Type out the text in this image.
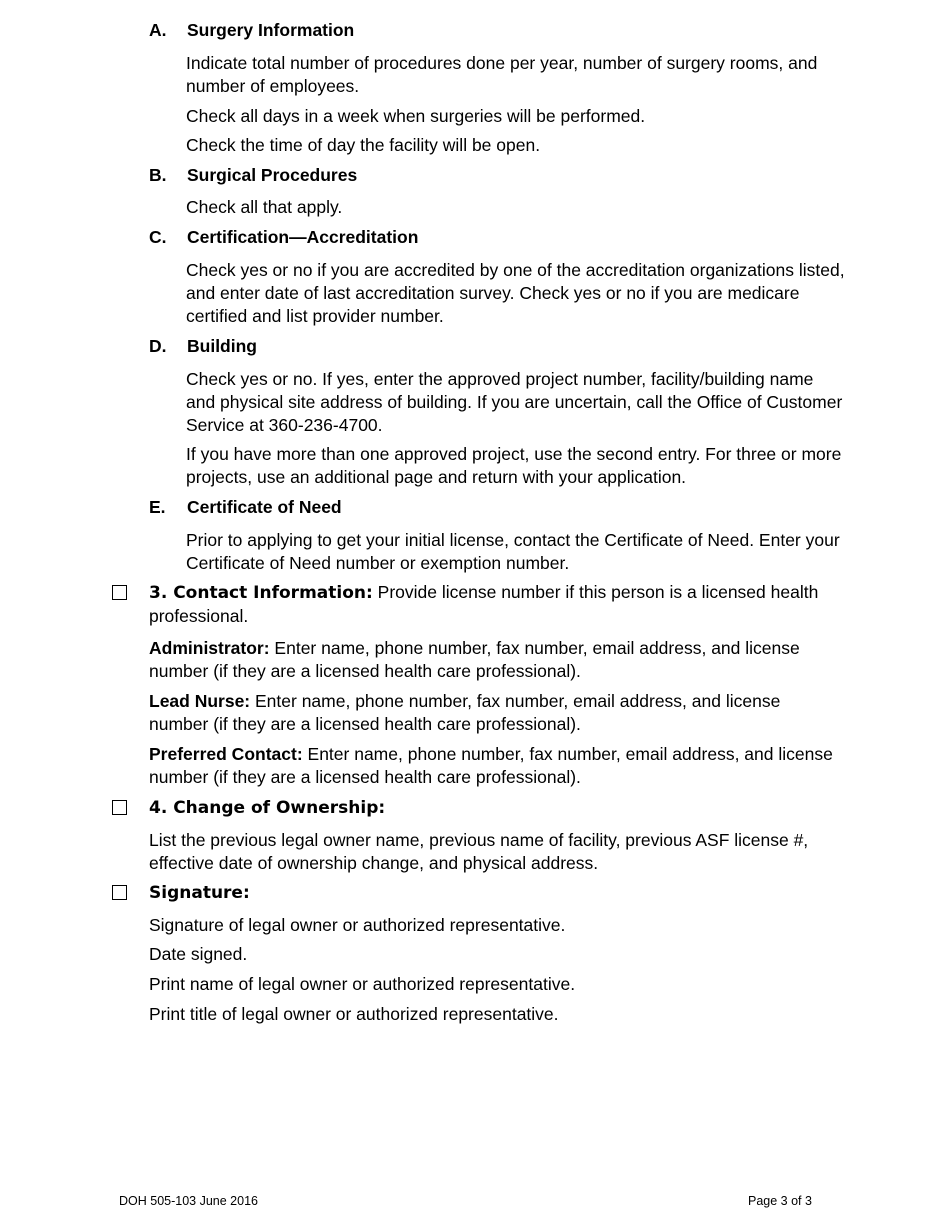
A. Surgery Information

Indicate total number of procedures done per year, number of surgery rooms, and number of employees.

Check all days in a week when surgeries will be performed.

Check the time of day the facility will be open.

B. Surgical Procedures

Check all that apply.

C. Certification—Accreditation

Check yes or no if you are accredited by one of the accreditation organizations listed, and enter date of last accreditation survey. Check yes or no if you are medicare certified and list provider number.

D. Building

Check yes or no. If yes, enter the approved project number, facility/building name and physical site address of building. If you are uncertain, call the Office of Customer Service at 360-236-4700.

If you have more than one approved project, use the second entry. For three or more projects, use an additional page and return with your application.

E. Certificate of Need

Prior to applying to get your initial license, contact the Certificate of Need. Enter your Certificate of Need number or exemption number.

3. Contact Information: Provide license number if this person is a licensed health professional.

Administrator: Enter name, phone number, fax number, email address, and license number (if they are a licensed health care professional).

Lead Nurse: Enter name, phone number, fax number, email address, and license number (if they are a licensed health care professional).

Preferred Contact: Enter name, phone number, fax number, email address, and license number (if they are a licensed health care professional).

4. Change of Ownership:

List the previous legal owner name, previous name of facility, previous ASF license #, effective date of ownership change, and physical address.

Signature:

Signature of legal owner or authorized representative.

Date signed.

Print name of legal owner or authorized representative.

Print title of legal owner or authorized representative.

DOH 505-103 June 2016	Page 3 of 3
